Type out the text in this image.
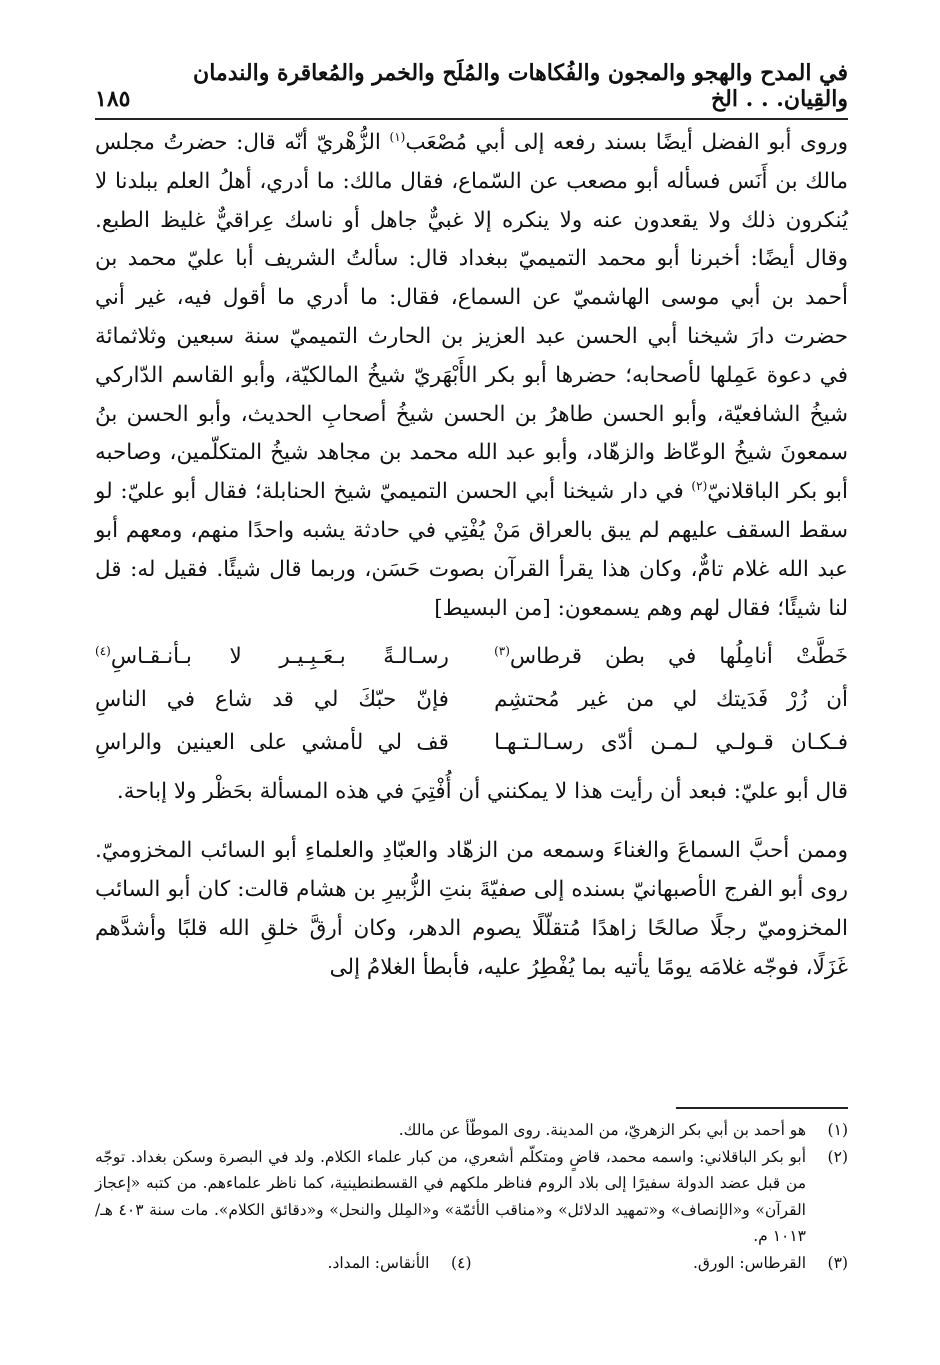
في المدح والهجو والمجون والفُكاهات والمُلَح والخمر والمُعاقرة والندمان والقِيان. . . الخ
١٨٥

وروى أبو الفضل أيضًا بسند رفعه إلى أبي مُصْعَب$^{(١)}$ الزُّهْريّ أنّه قال: حضرتُ مجلس مالك بن أَنَس فسأله أبو مصعب عن السّماع، فقال مالك: ما أدري، أهلُ العلم ببلدنا لا يُنكرون ذلك ولا يقعدون عنه ولا ينكره إلا غبيٌّ جاهل أو ناسك عِراقيٌّ غليظ الطبع. وقال أيضًا: أخبرنا أبو محمد التميميّ ببغداد قال: سألتُ الشريف أبا عليّ محمد بن أحمد بن أبي موسى الهاشميّ عن السماع، فقال: ما أدري ما أقول فيه، غير أني حضرت دارَ شيخنا أبي الحسن عبد العزيز بن الحارث التميميّ سنة سبعين وثلاثمائة في دعوة عَمِلها لأصحابه؛ حضرها أبو بكر الأَبْهَريّ شيخُ المالكيّة، وأبو القاسم الدّاركي شيخُ الشافعيّة، وأبو الحسن طاهرُ بن الحسن شيخُ أصحابِ الحديث، وأبو الحسن بنُ سمعونَ شيخُ الوعّاظ والزهّاد، وأبو عبد الله محمد بن مجاهد شيخُ المتكلّمين، وصاحبه أبو بكر الباقلانيّ$^{(٢)}$ في دار شيخنا أبي الحسن التميميّ شيخ الحنابلة؛ فقال أبو عليّ: لو سقط السقف عليهم لم يبق بالعراق مَنْ يُفْتِي في حادثة يشبه واحدًا منهم، ومعهم أبو عبد الله غلام تامٌّ، وكان هذا يقرأ القرآن بصوت حَسَن، وربما قال شيئًا. فقيل له: قل لنا شيئًا؛ فقال لهم وهم يسمعون: [من البسيط]

خَطَّتْ أنامِلُها في بطن قرطاس$^{(٣)}$
رسـالـةً بـعَـبِـيـر لا بـأنـقـاسِ$^{(٤)}$
أن زُرْ فَدَيتك لي من غير مُحتشِم
فإنّ حبّكَ لي قد شاع في الناسِ
فـكـان قـولـي لـمـن أدّى رسـالـتـهـا
قف لي لأمشي على العينين والراسِ

قال أبو عليّ: فبعد أن رأيت هذا لا يمكنني أن أُفْتِيَ في هذه المسألة بحَظْر ولا إباحة.

وممن أحبَّ السماعَ والغناءَ وسمعه من الزهّاد والعبّادِ والعلماءِ أبو السائب المخزوميّ. روى أبو الفرج الأصبهانيّ بسنده إلى صفيّةَ بنتِ الزُّبيرِ بن هشام قالت: كان أبو السائب المخزوميّ رجلًا صالحًا زاهدًا مُتقلّلًا يصوم الدهر، وكان أرقَّ خلقِ الله قلبًا وأشدَّهم غَزَلًا، فوجّه غلامَه يومًا يأتيه بما يُفْطِرُ عليه، فأبطأ الغلامُ إلى

(١)
هو أحمد بن أبي بكر الزهريّ، من المدينة. روى الموطّأ عن مالك.
(٢)
أبو بكر الباقلاني: واسمه محمد، قاضٍ ومتكلّم أشعري، من كبار علماء الكلام. ولد في البصرة وسكن بغداد. توجّه من قبل عضد الدولة سفيرًا إلى بلاد الروم فناظر ملكهم في القسطنطينية، كما ناظر علماءهم. من كتبه «إعجاز القرآن» و«الإنصاف» و«تمهيد الدلائل» و«مناقب الأئمّة» و«المِلل والنحل» و«دقائق الكلام». مات سنة ٤٠٣ هـ/ ١٠١٣ م.
(٣)
القرطاس: الورق.
(٤)
الأنقاس: المداد.
